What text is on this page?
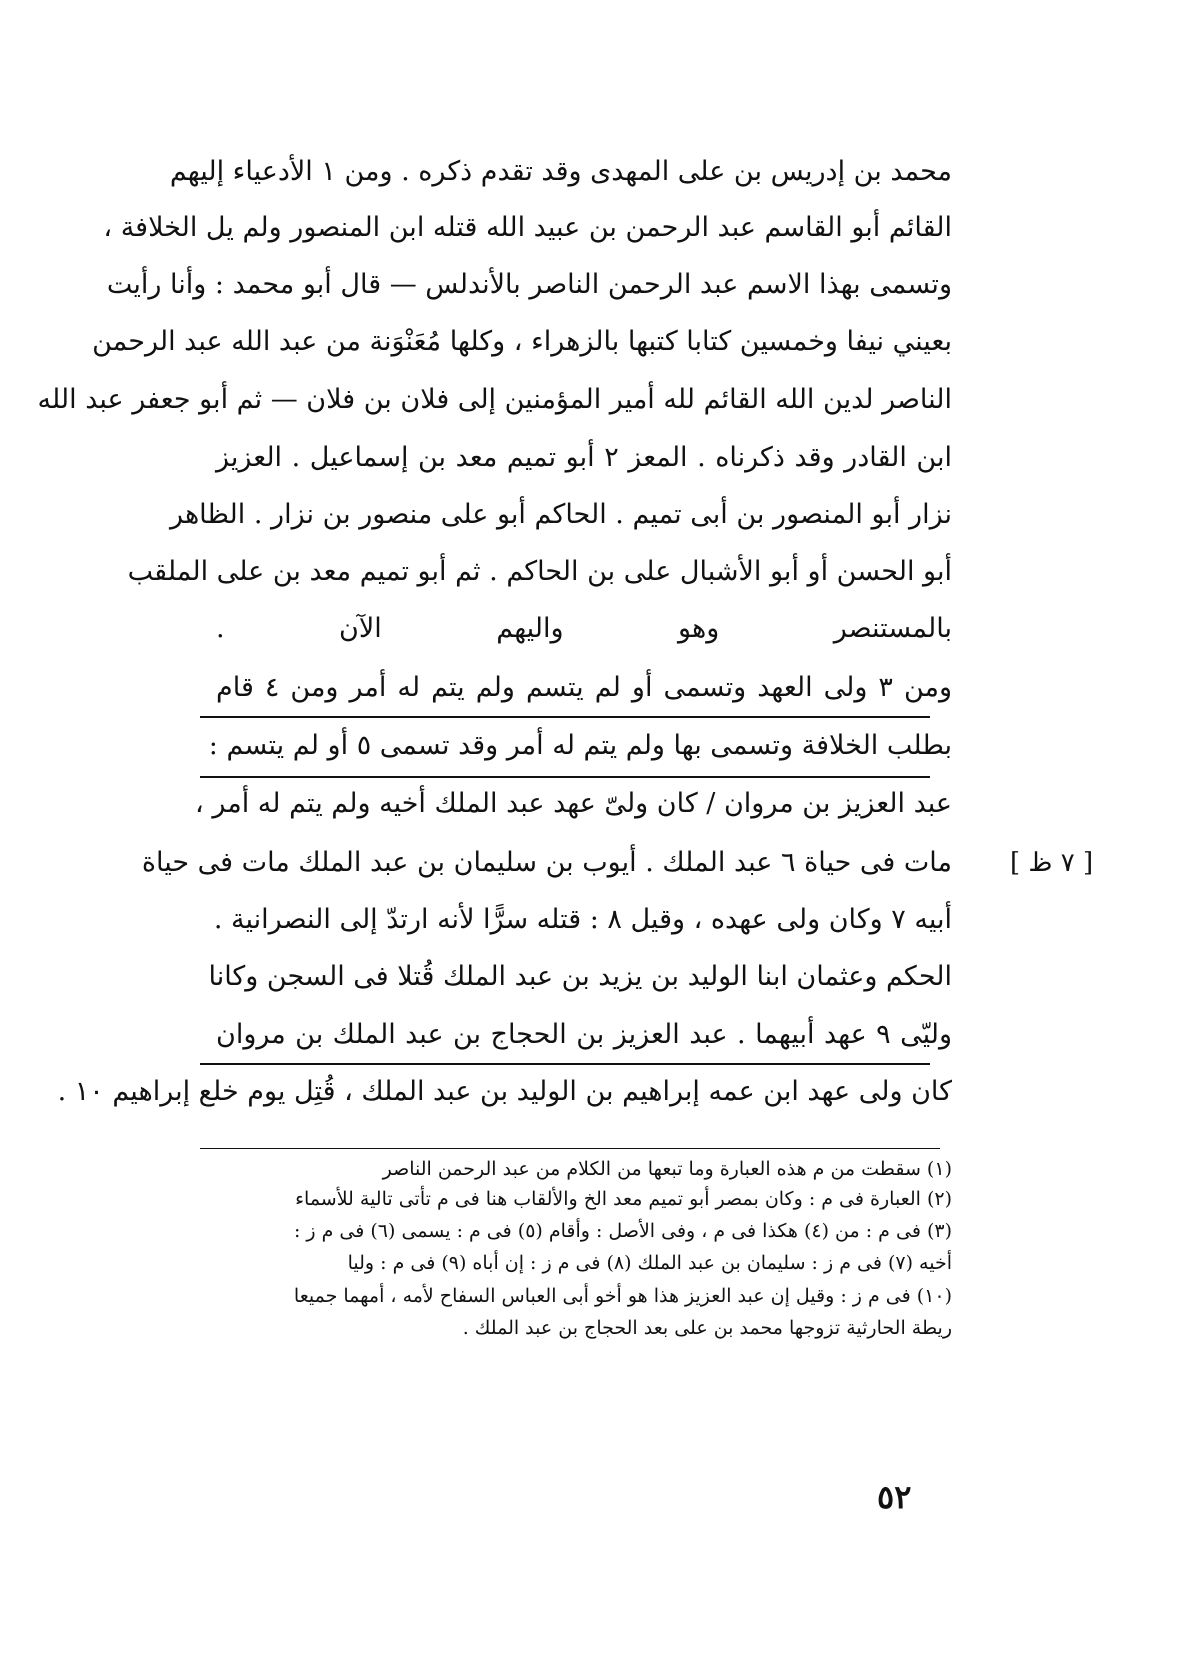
محمد بن إدريس بن على المهدى وقد تقدم ذكره . ومن ١ الأدعياء إليهم
القائم أبو القاسم عبد الرحمن بن عبيد الله قتله ابن المنصور ولم يل الخلافة ،
وتسمى بهذا الاسم عبد الرحمن الناصر بالأندلس — قال أبو محمد : وأنا رأيت
بعيني نيفا وخمسين كتابا كتبها بالزهراء ، وكلها مُعَنْوَنة من عبد الله عبد الرحمن
الناصر لدين الله القائم لله أمير المؤمنين إلى فلان بن فلان — ثم أبو جعفر عبد الله
ابن القادر وقد ذكرناه . المعز ٢ أبو تميم معد بن إسماعيل . العزيز
نزار أبو المنصور بن أبى تميم . الحاكم أبو على منصور بن نزار . الظاهر
أبو الحسن أو أبو الأشبال على بن الحاكم . ثم أبو تميم معد بن على الملقب
بالمستنصر وهو واليهم الآن .
ومن ٣ ولى العهد وتسمى أو لم يتسم ولم يتم له أمر ومن ٤ قام
بطلب الخلافة وتسمى بها ولم يتم له أمر وقد تسمى ٥ أو لم يتسم :
عبد العزيز بن مروان / كان ولىّ عهد عبد الملك أخيه ولم يتم له أمر ،
مات فى حياة ٦ عبد الملك . أيوب بن سليمان بن عبد الملك مات فى حياة
أبيه ٧ وكان ولى عهده ، وقيل ٨ : قتله سرًّا لأنه ارتدّ إلى النصرانية .
الحكم وعثمان ابنا الوليد بن يزيد بن عبد الملك قُتلا فى السجن وكانا
وليّى ٩ عهد أبيهما . عبد العزيز بن الحجاج بن عبد الملك بن مروان
كان ولى عهد ابن عمه إبراهيم بن الوليد بن عبد الملك ، قُتِل يوم خلع إبراهيم ١٠ .
[ ٧ ظ ]
(١) سقطت من م هذه العبارة وما تبعها من الكلام من عبد الرحمن الناصر
(٢) العبارة فى م : وكان بمصر أبو تميم معد الخ والألقاب هنا فى م تأتى تالية للأسماء
(٣) فى م : من (٤) هكذا فى م ، وفى الأصل : وأقام (٥) فى م : يسمى (٦) فى م ز :
أخيه (٧) فى م ز : سليمان بن عبد الملك (٨) فى م ز : إن أباه (٩) فى م : وليا
(١٠) فى م ز : وقيل إن عبد العزيز هذا هو أخو أبى العباس السفاح لأمه ، أمهما جميعا
ريطة الحارثية تزوجها محمد بن على بعد الحجاج بن عبد الملك .
٥٢
